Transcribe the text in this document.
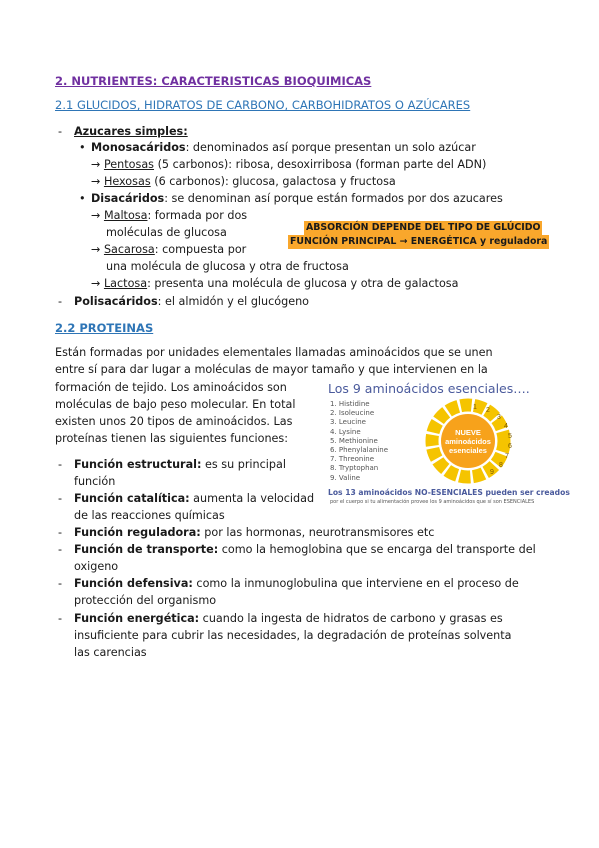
2. NUTRIENTES: CARACTERISTICAS BIOQUIMICAS
2.1 GLUCIDOS, HIDRATOS DE CARBONO, CARBOHIDRATOS O AZÚCARES
- Azucares simples:
• Monosacáridos: denominados así porque presentan un solo azúcar
→ Pentosas (5 carbonos): ribosa, desoxirribosa (forman parte del ADN)
→ Hexosas (6 carbonos): glucosa, galactosa y fructosa
• Disacáridos: se denominan así porque están formados por dos azucares
→ Maltosa: formada por dos
moléculas de glucosa
→ Sacarosa: compuesta por
una molécula de glucosa y otra de fructosa
→ Lactosa: presenta una molécula de glucosa y otra de galactosa
- Polisacáridos: el almidón y el glucógeno
ABSORCIÓN DEPENDE DEL TIPO DE GLÚCIDO
FUNCIÓN PRINCIPAL → ENERGÉTICA y reguladora
2.2 PROTEINAS
Están formadas por unidades elementales llamadas aminoácidos que se unen
entre sí para dar lugar a moléculas de mayor tamaño y que intervienen en la
formación de tejido. Los aminoácidos son
moléculas de bajo peso molecular. En total
existen unos 20 tipos de aminoácidos. Las
proteínas tienen las siguientes funciones:
- Función estructural: es su principal
función
- Función catalítica: aumenta la velocidad
de las reacciones químicas
- Función reguladora: por las hormonas, neurotransmisores etc
- Función de transporte: como la hemoglobina que se encarga del transporte del
oxigeno
- Función defensiva: como la inmunoglobulina que interviene en el proceso de
protección del organismo
- Función energética: cuando la ingesta de hidratos de carbono y grasas es
insuficiente para cubrir las necesidades, la degradación de proteínas solventa
las carencias
Los 9 aminoácidos esenciales….
1. Histidine
2. Isoleucine
3. Leucine
4. Lysine
5. Methionine
6. Phenylalanine
7. Threonine
8. Tryptophan
9. Valine
NUEVE
aminoácidos
esenciales
1 2
3
4
5
6
7
8
9
Los 13 aminoácidos NO-ESENCIALES pueden ser creados
por el cuerpo si tu alimentación provee los 9 aminoácidos que sí son ESENCIALES
